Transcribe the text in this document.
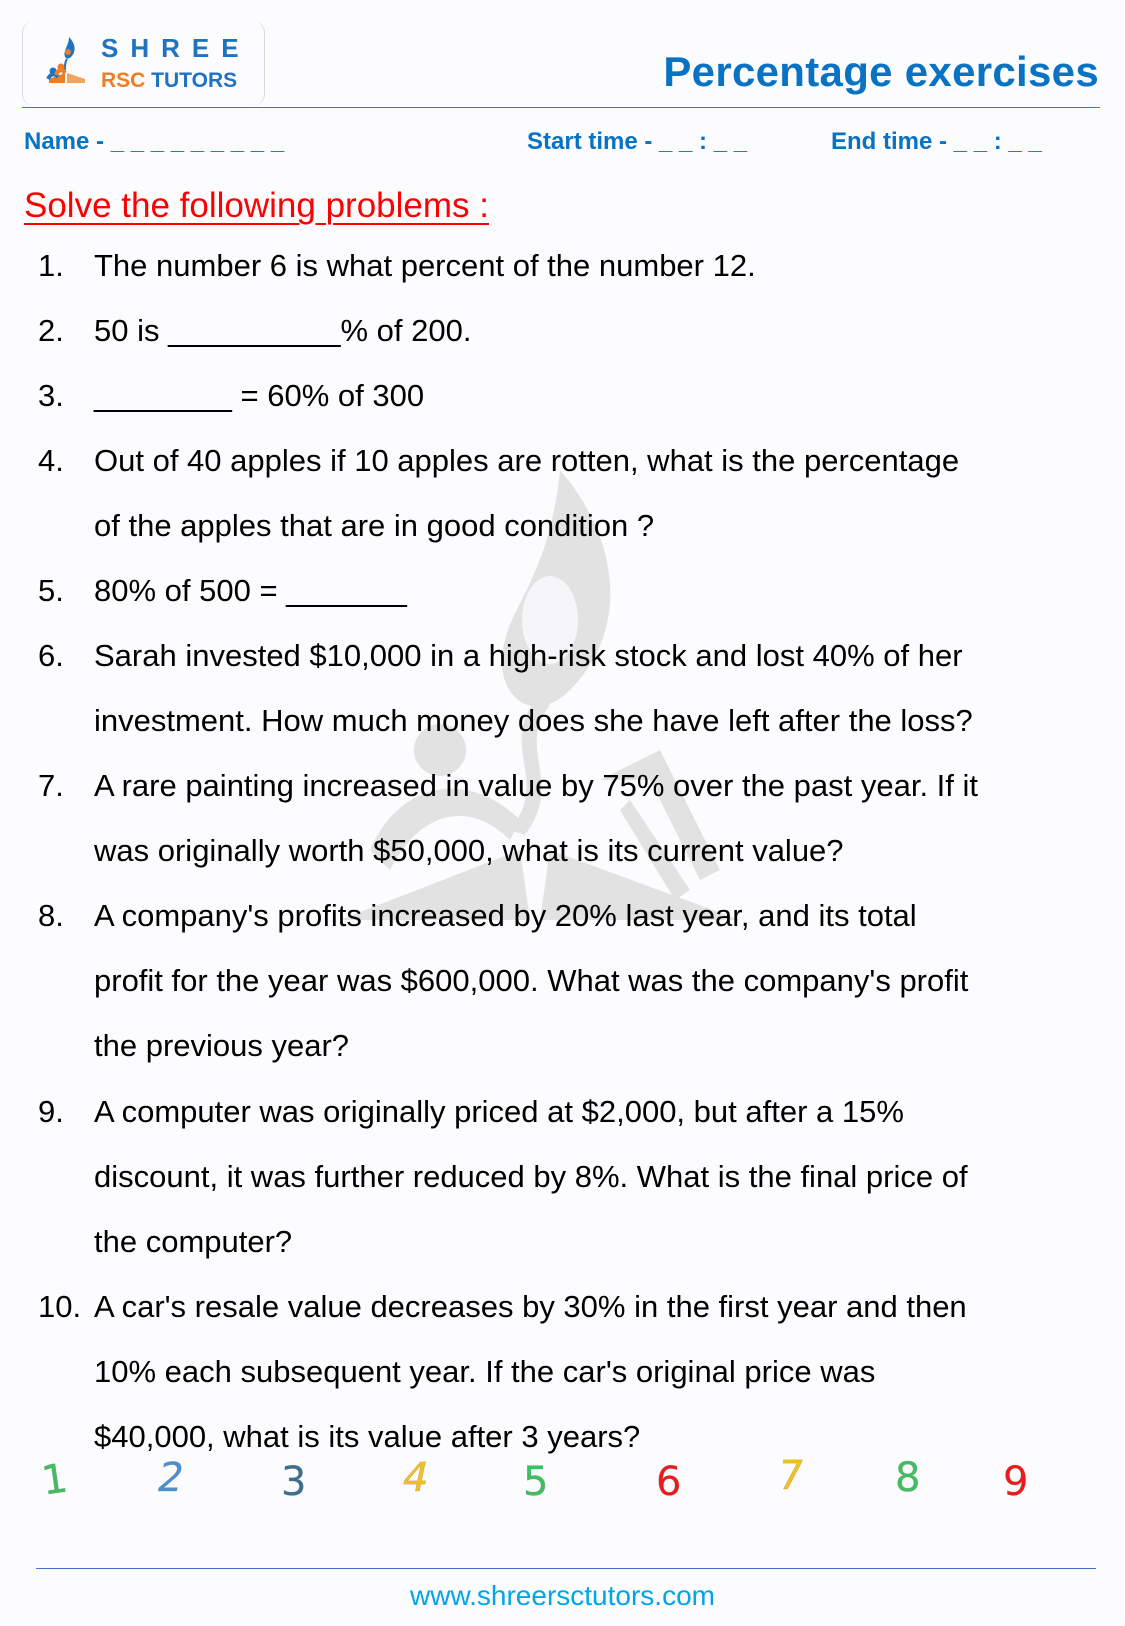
SHREE
RSC TUTORS	Percentage exercises
Name - _ _ _ _ _ _ _ _ _	Start time - _ _ : _ _	End time - _ _ : _ _
Solve the following problems :
1. The number 6 is what percent of the number 12.
2. 50 is __________% of 200.
3. ________ = 60% of 300
4. Out of 40 apples if 10 apples are rotten, what is the percentage
of the apples that are in good condition ?
5. 80% of 500 = _______
6. Sarah invested $10,000 in a high-risk stock and lost 40% of her
investment. How much money does she have left after the loss?
7. A rare painting increased in value by 75% over the past year. If it
was originally worth $50,000, what is its current value?
8. A company's profits increased by 20% last year, and its total
profit for the year was $600,000. What was the company's profit
the previous year?
9. A computer was originally priced at $2,000, but after a 15%
discount, it was further reduced by 8%. What is the final price of
the computer?
10. A car's resale value decreases by 30% in the first year and then
10% each subsequent year. If the car's original price was
$40,000, what is its value after 3 years?
1 2 3 4 5	6 7 8 9
www.shreersctutors.com
